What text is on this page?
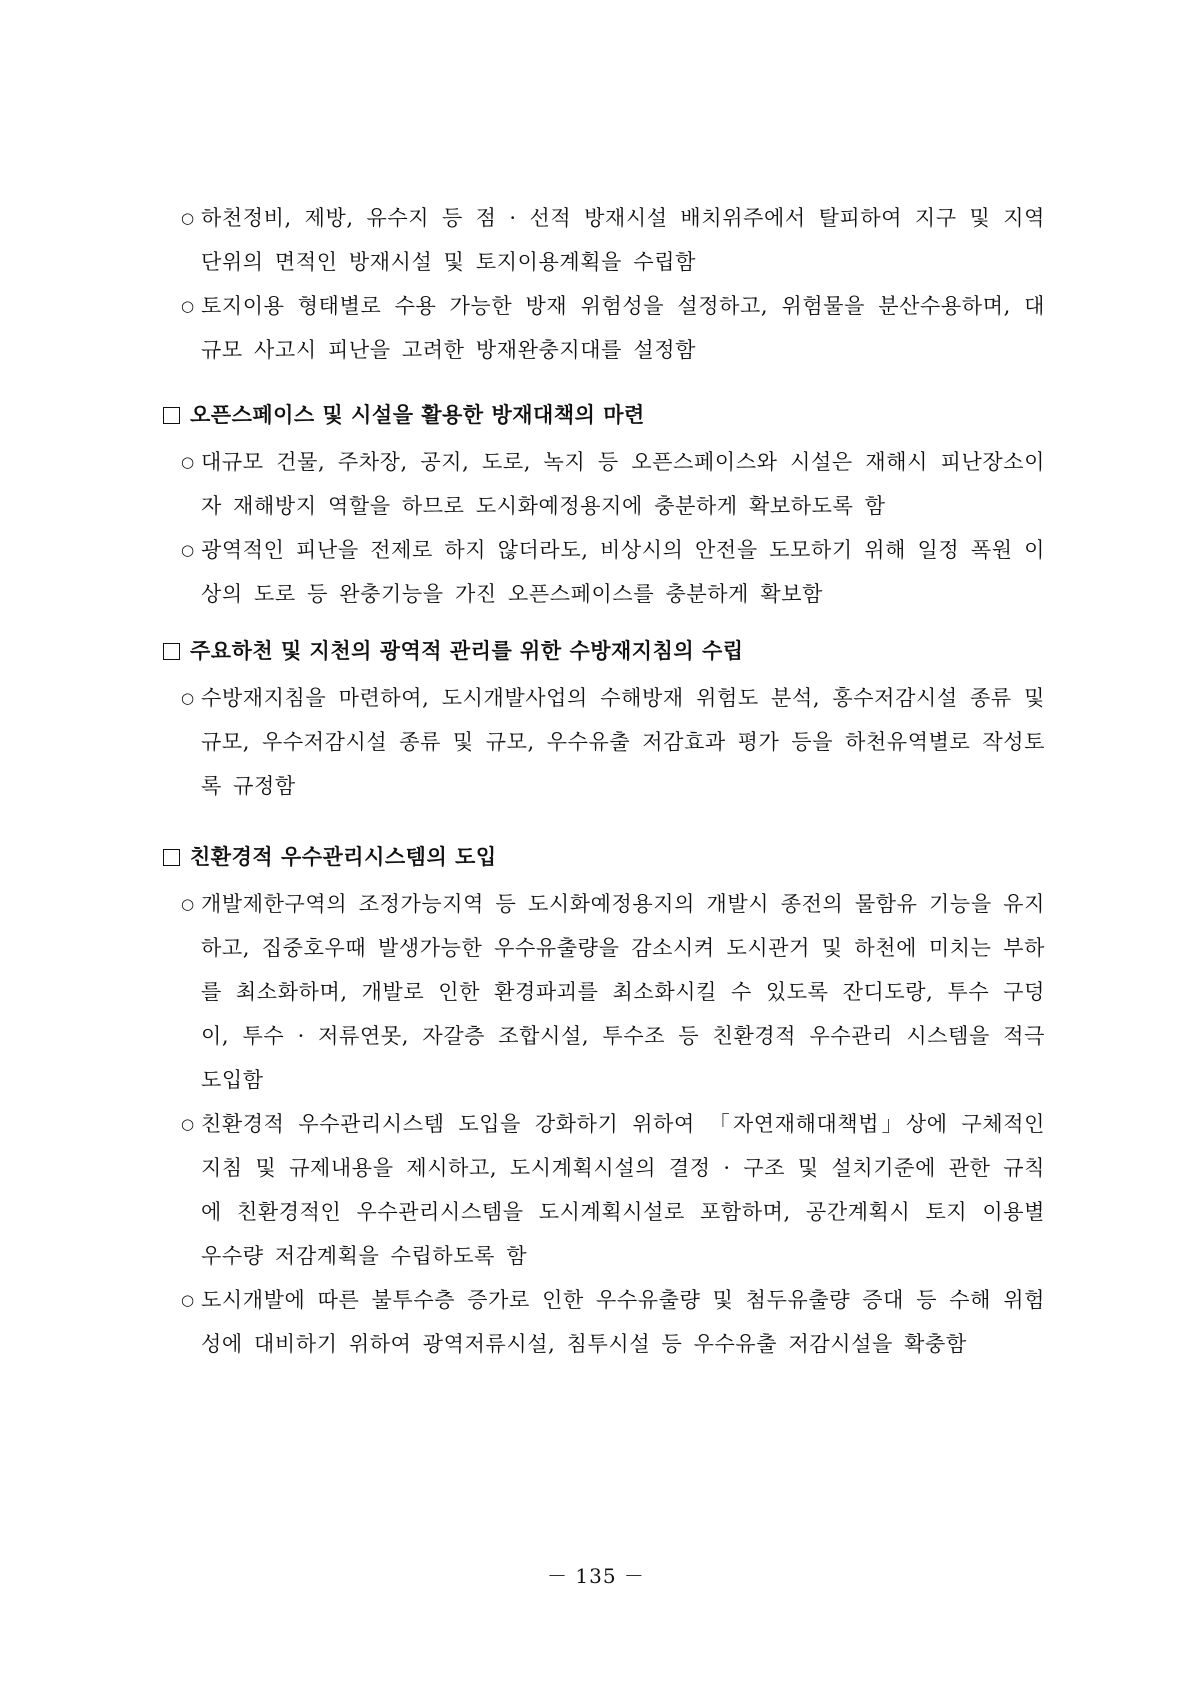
○ 하천정비, 제방, 유수지 등 점 · 선적 방재시설 배치위주에서 탈피하여 지구 및 지역 단위의 면적인 방재시설 및 토지이용계획을 수립함
○ 토지이용 형태별로 수용 가능한 방재 위험성을 설정하고, 위험물을 분산수용하며, 대규모 사고시 피난을 고려한 방재완충지대를 설정함
오픈스페이스 및 시설을 활용한 방재대책의 마련
○ 대규모 건물, 주차장, 공지, 도로, 녹지 등 오픈스페이스와 시설은 재해시 피난장소이자 재해방지 역할을 하므로 도시화예정용지에 충분하게 확보하도록 함
○ 광역적인 피난을 전제로 하지 않더라도, 비상시의 안전을 도모하기 위해 일정 폭원 이상의 도로 등 완충기능을 가진 오픈스페이스를 충분하게 확보함
주요하천 및 지천의 광역적 관리를 위한 수방재지침의 수립
○ 수방재지침을 마련하여, 도시개발사업의 수해방재 위험도 분석, 홍수저감시설 종류 및 규모, 우수저감시설 종류 및 규모, 우수유출 저감효과 평가 등을 하천유역별로 작성토록 규정함
친환경적 우수관리시스템의 도입
○ 개발제한구역의 조정가능지역 등 도시화예정용지의 개발시 종전의 물함유 기능을 유지하고, 집중호우때 발생가능한 우수유출량을 감소시켜 도시관거 및 하천에 미치는 부하를 최소화하며, 개발로 인한 환경파괴를 최소화시킬 수 있도록 잔디도랑, 투수 구덩이, 투수 · 저류연못, 자갈층 조합시설, 투수조 등 친환경적 우수관리 시스템을 적극 도입함
○ 친환경적 우수관리시스템 도입을 강화하기 위하여 「자연재해대책법」상에 구체적인 지침 및 규제내용을 제시하고, 도시계획시설의 결정 · 구조 및 설치기준에 관한 규칙에 친환경적인 우수관리시스템을 도시계획시설로 포함하며, 공간계획시 토지 이용별 우수량 저감계획을 수립하도록 함
○ 도시개발에 따른 불투수층 증가로 인한 우수유출량 및 첨두유출량 증대 등 수해 위험성에 대비하기 위하여 광역저류시설, 침투시설 등 우수유출 저감시설을 확충함
－ 135 －
